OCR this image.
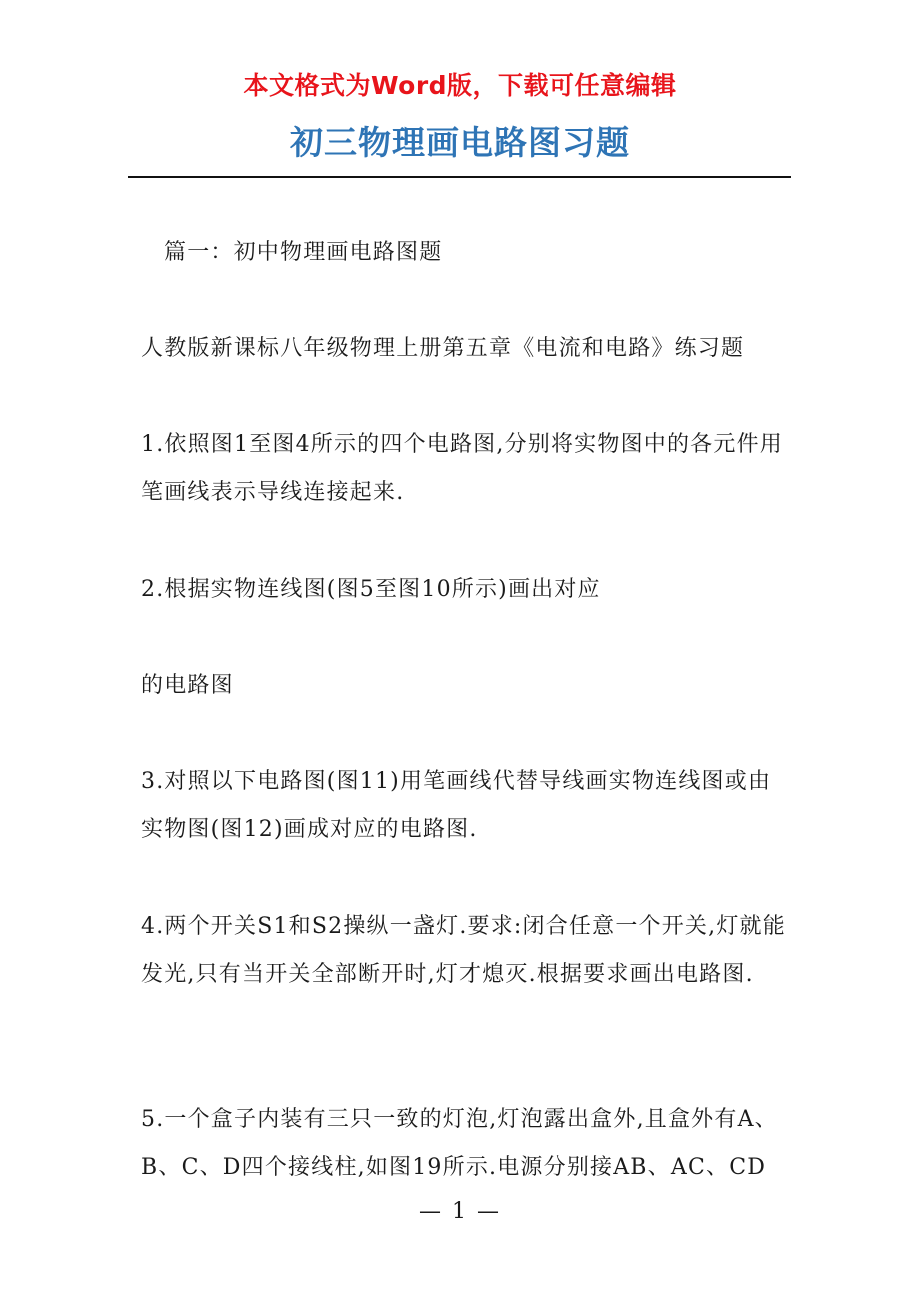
本文格式为Word版，下载可任意编辑
初三物理画电路图习题

篇一：初中物理画电路图题

人教版新课标八年级物理上册第五章《电流和电路》练习题

1.依照图1至图4所示的四个电路图,分别将实物图中的各元件用笔画线表示导线连接起来.

2.根据实物连线图(图5至图10所示)画出对应

的电路图

3.对照以下电路图(图11)用笔画线代替导线画实物连线图或由实物图(图12)画成对应的电路图.

4.两个开关S1和S2操纵一盏灯.要求:闭合任意一个开关,灯就能发光,只有当开关全部断开时,灯才熄灭.根据要求画出电路图.

5.一个盒子内装有三只一致的灯泡,灯泡露出盒外,且盒外有A、B、C、D四个接线柱,如图19所示.电源分别接AB、AC、CD

— 1 —
